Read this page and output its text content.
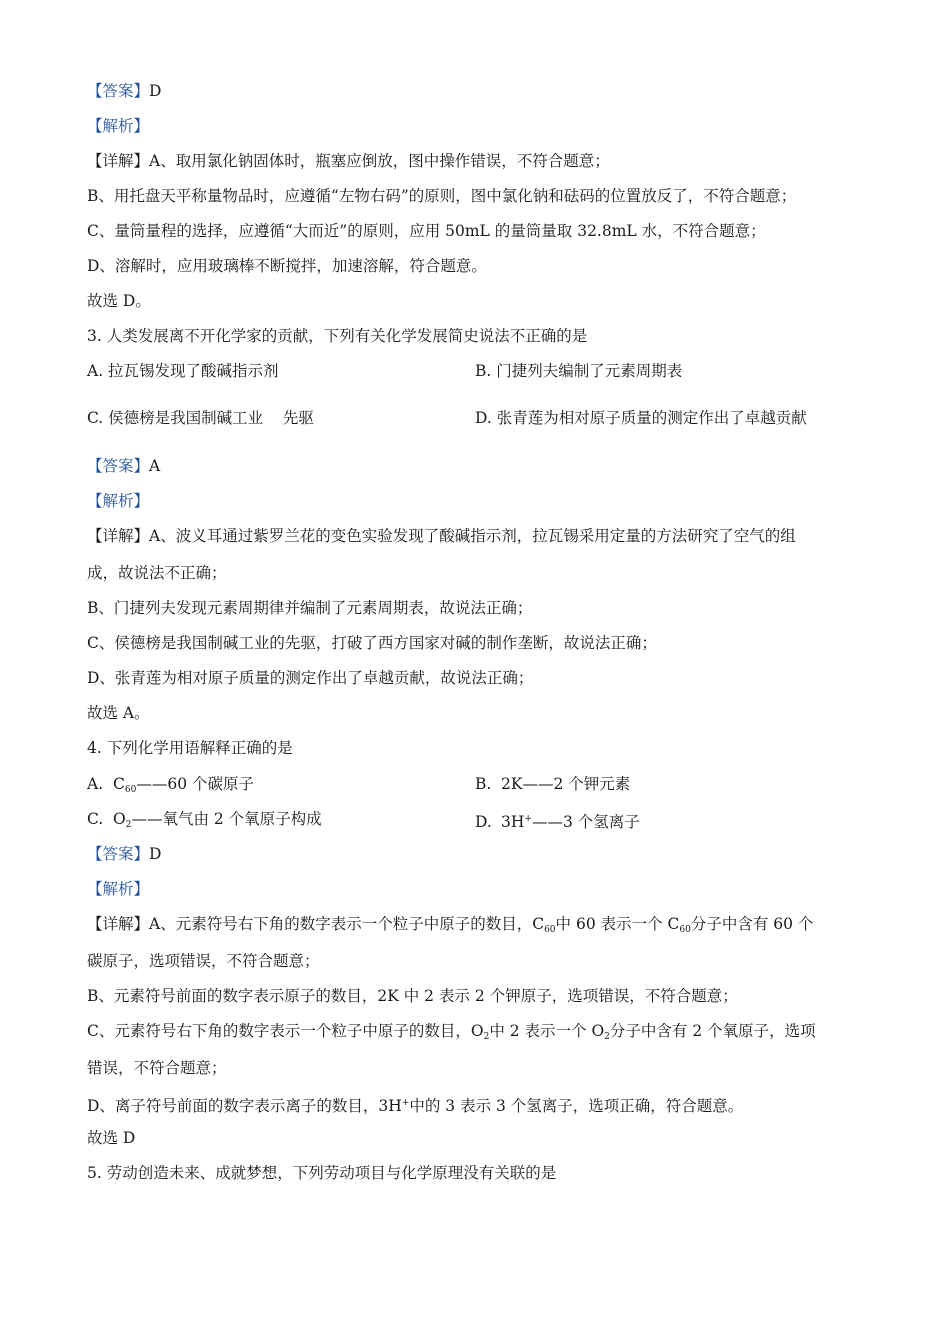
【答案】D
【解析】
【详解】A、取用氯化钠固体时，瓶塞应倒放，图中操作错误，不符合题意；
B、用托盘天平称量物品时，应遵循“左物右码”的原则，图中氯化钠和砝码的位置放反了，不符合题意；
C、量筒量程的选择，应遵循“大而近”的原则，应用 50mL 的量筒量取 32.8mL 水，不符合题意；
D、溶解时，应用玻璃棒不断搅拌，加速溶解，符合题意。
故选 D。
3. 人类发展离不开化学家的贡献，下列有关化学发展简史说法不正确的是
A. 拉瓦锡发现了酸碱指示剂	B. 门捷列夫编制了元素周期表
C. 侯德榜是我国制碱工业    先驱	D. 张青莲为相对原子质量的测定作出了卓越贡献
【答案】A
【解析】
【详解】A、波义耳通过紫罗兰花的变色实验发现了酸碱指示剂，拉瓦锡采用定量的方法研究了空气的组
成，故说法不正确；
B、门捷列夫发现元素周期律并编制了元素周期表，故说法正确；
C、侯德榜是我国制碱工业的先驱，打破了西方国家对碱的制作垄断，故说法正确；
D、张青莲为相对原子质量的测定作出了卓越贡献，故说法正确；
故选 A。
4. 下列化学用语解释正确的是
A. $C_{60}——60$ 个碳原子	B. 2K——2 个钾元素
C. $O_2——$氧气由 2 个氧原子构成	D. 3H+——3 个氢离子
【答案】D
【解析】
【详解】A、元素符号右下角的数字表示一个粒子中原子的数目，$C_{60}$中 60 表示一个 $C_{60}$分子中含有 60 个
碳原子，选项错误，不符合题意；
B、元素符号前面的数字表示原子的数目，2K 中 2 表示 2 个钾原子，选项错误，不符合题意；
C、元素符号右下角的数字表示一个粒子中原子的数目，$O_2$中 2 表示一个 $O_2$分子中含有 2 个氧原子，选项
错误，不符合题意；
D、离子符号前面的数字表示离子的数目，3H+中的 3 表示 3 个氢离子，选项正确，符合题意。
故选 D
5. 劳动创造未来、成就梦想，下列劳动项目与化学原理没有关联的是
